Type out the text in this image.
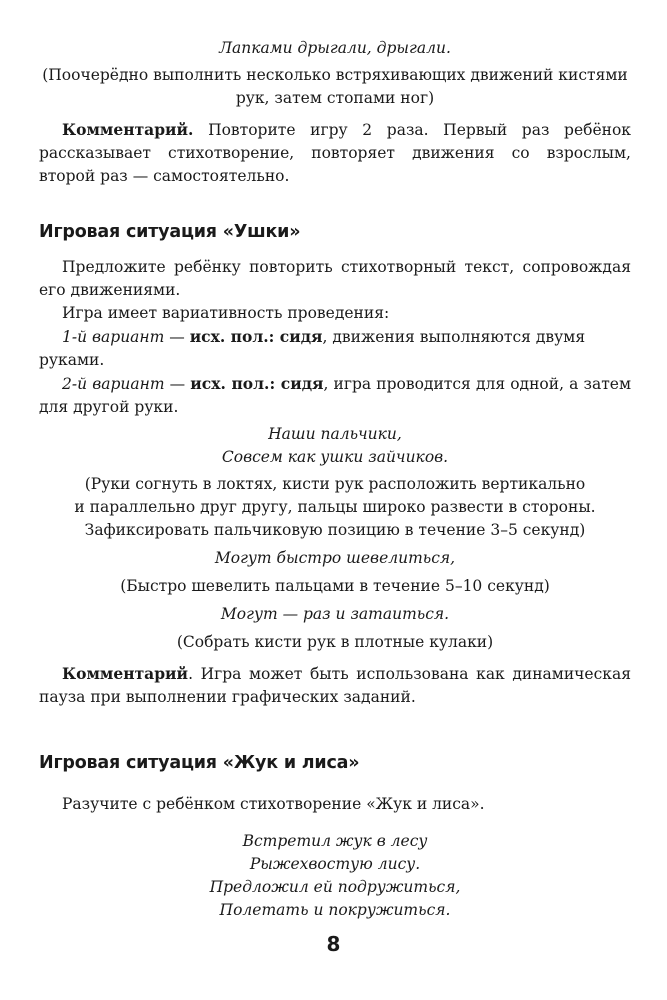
Лапками дрыгали, дрыгали.

(Поочерёдно выполнить несколько встряхивающих движений кистями рук, затем стопами ног)

Комментарий. Повторите игру 2 раза. Первый раз ребёнок рассказывает стихотворение, повторяет движения со взрослым, второй раз — самостоятельно.

Игровая ситуация «Ушки»

Предложите ребёнку повторить стихотворный текст, сопровождая его движениями.

Игра имеет вариативность проведения:

1-й вариант — исх. пол.: сидя, движения выполняются двумя руками.

2-й вариант — исх. пол.: сидя, игра проводится для одной, а затем для другой руки.

Наши пальчики,

Совсем как ушки зайчиков.

(Руки согнуть в локтях, кисти рук расположить вертикально

и параллельно друг другу, пальцы широко развести в стороны.

Зафиксировать пальчиковую позицию в течение 3–5 секунд)

Могут быстро шевелиться,

(Быстро шевелить пальцами в течение 5–10 секунд)

Могут — раз и затаиться.

(Собрать кисти рук в плотные кулаки)

Комментарий. Игра может быть использована как динамическая пауза при выполнении графических заданий.

Игровая ситуация «Жук и лиса»

Разучите с ребёнком стихотворение «Жук и лиса».

Встретил жук в лесу

Рыжехвостую лису.

Предложил ей подружиться,

Полетать и покружиться.

8
